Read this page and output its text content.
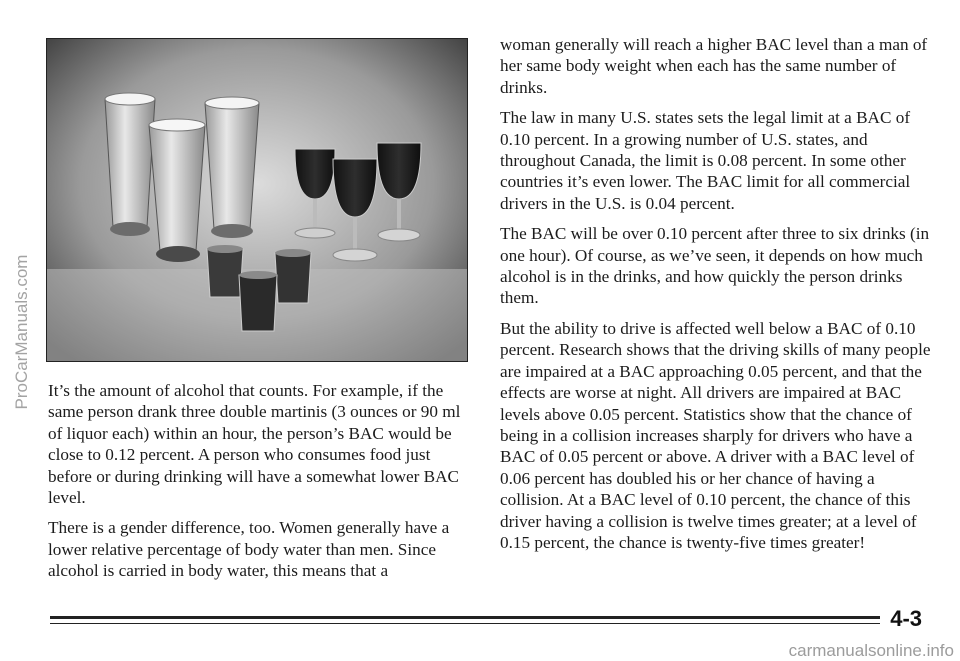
ProCarManuals.com It’s the amount of alcohol that counts. For example, if the same person drank three double martinis (3 ounces or 90 ml of liquor each) within an hour, the person’s BAC would be close to 0.12 percent. A person who consumes food just before or during drinking will have a somewhat lower BAC level.

There is a gender difference, too. Women generally have a lower relative percentage of body water than men. Since alcohol is carried in body water, this means that a

woman generally will reach a higher BAC level than a man of her same body weight when each has the same number of drinks.

The law in many U.S. states sets the legal limit at a BAC of 0.10 percent. In a growing number of U.S. states, and throughout Canada, the limit is 0.08 percent. In some other countries it’s even lower. The BAC limit for all commercial drivers in the U.S. is 0.04 percent.

The BAC will be over 0.10 percent after three to six drinks (in one hour). Of course, as we’ve seen, it depends on how much alcohol is in the drinks, and how quickly the person drinks them.

But the ability to drive is affected well below a BAC of 0.10 percent. Research shows that the driving skills of many people are impaired at a BAC approaching 0.05 percent, and that the effects are worse at night. All drivers are impaired at BAC levels above 0.05 percent. Statistics show that the chance of being in a collision increases sharply for drivers who have a BAC of 0.05 percent or above. A driver with a BAC level of 0.06 percent has doubled his or her chance of having a collision. At a BAC level of 0.10 percent, the chance of this driver having a collision is twelve times greater; at a level of 0.15 percent, the chance is twenty-five times greater!

4-3
carmanualsonline.info
